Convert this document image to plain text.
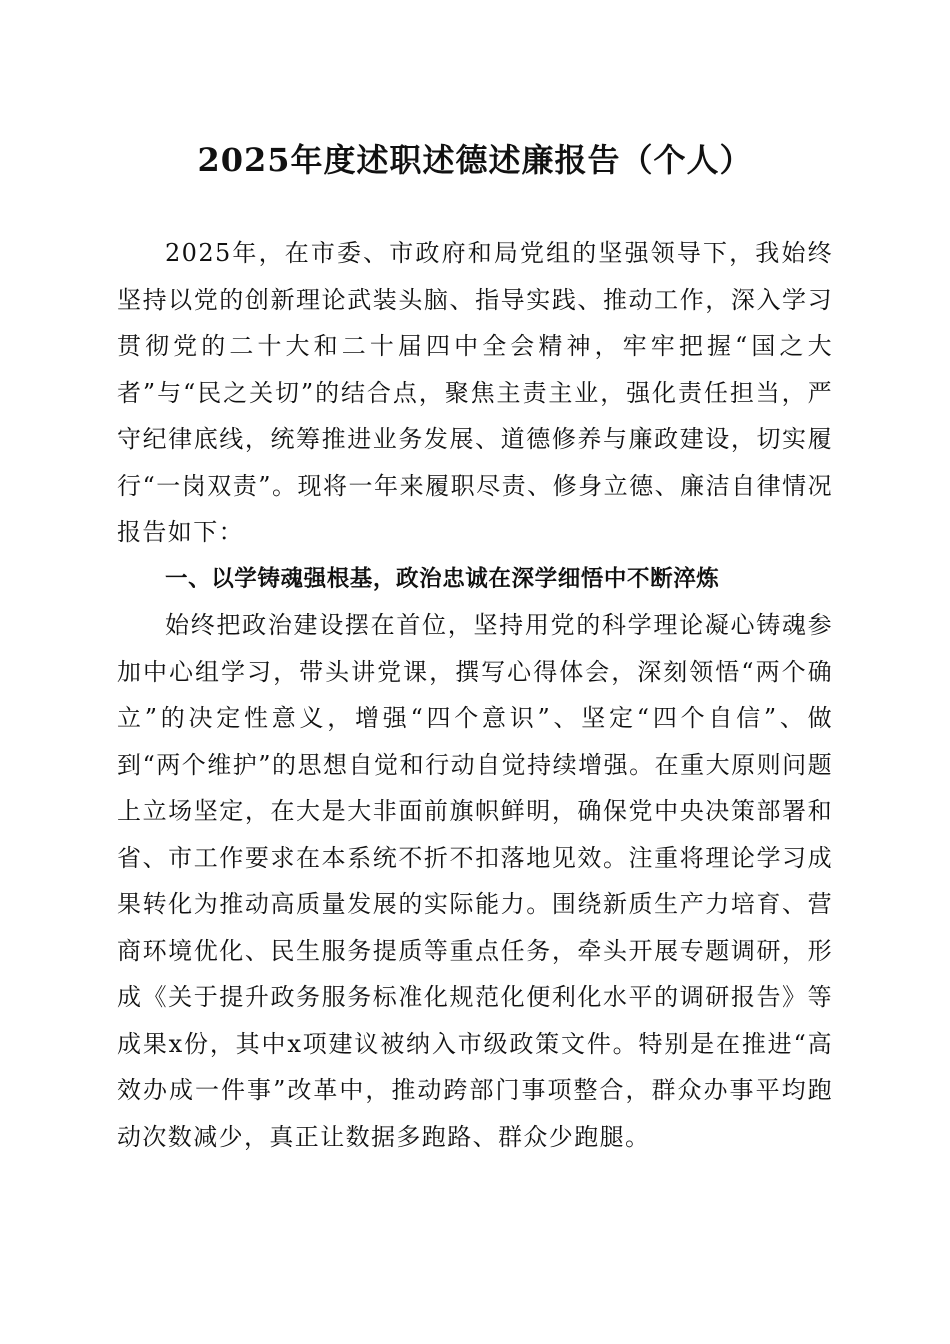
2025年度述职述德述廉报告（个人）

2025年，在市委、市政府和局党组的坚强领导下，我始终坚持以党的创新理论武装头脑、指导实践、推动工作，深入学习贯彻党的二十大和二十届四中全会精神，牢牢把握“国之大者”与“民之关切”的结合点，聚焦主责主业，强化责任担当，严守纪律底线，统筹推进业务发展、道德修养与廉政建设，切实履行“一岗双责”。现将一年来履职尽责、修身立德、廉洁自律情况报告如下：

一、以学铸魂强根基，政治忠诚在深学细悟中不断淬炼

始终把政治建设摆在首位，坚持用党的科学理论凝心铸魂参加中心组学习，带头讲党课，撰写心得体会，深刻领悟“两个确立”的决定性意义，增强“四个意识”、坚定“四个自信”、做到“两个维护”的思想自觉和行动自觉持续增强。在重大原则问题上立场坚定，在大是大非面前旗帜鲜明，确保党中央决策部署和省、市工作要求在本系统不折不扣落地见效。注重将理论学习成果转化为推动高质量发展的实际能力。围绕新质生产力培育、营商环境优化、民生服务提质等重点任务，牵头开展专题调研，形成《关于提升政务服务标准化规范化便利化水平的调研报告》等成果x份，其中x项建议被纳入市级政策文件。特别是在推进“高效办成一件事”改革中，推动跨部门事项整合，群众办事平均跑动次数减少，真正让数据多跑路、群众少跑腿。
